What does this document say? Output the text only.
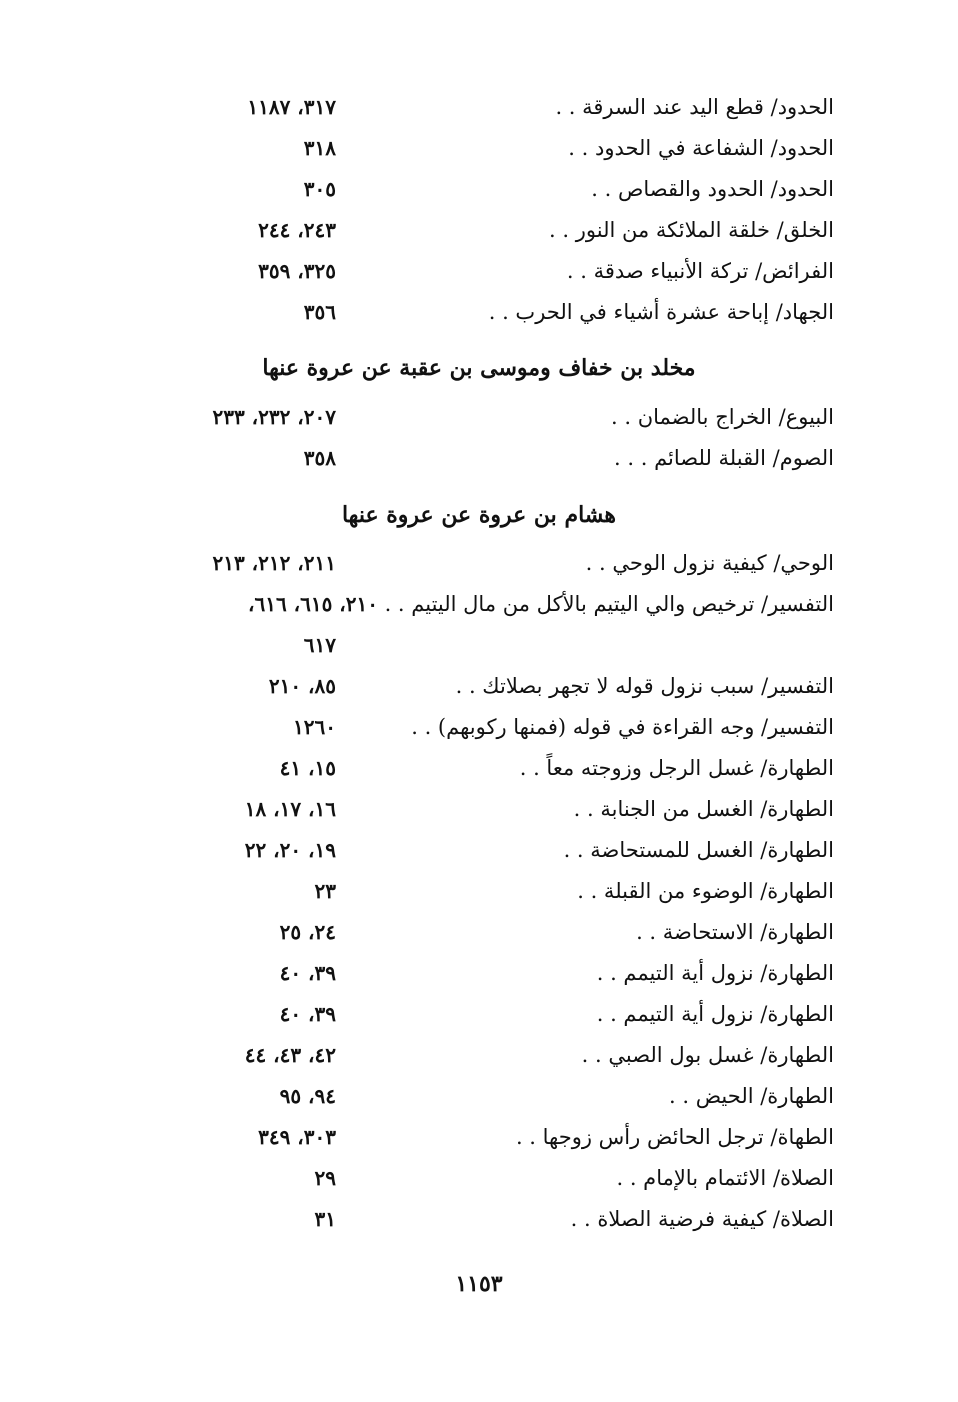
الحدود/ قطع اليد عند السرقة . .
٣١٧، ١١٨٧
الحدود/ الشفاعة في الحدود . .
٣١٨
الحدود/ الحدود والقصاص . .
٣٠٥
الخلق/ خلقة الملائكة من النور . .
٢٤٣، ٢٤٤
الفرائض/ تركة الأنبياء صدقة . .
٣٢٥، ٣٥٩
الجهاد/ إباحة عشرة أشياء في الحرب . .
٣٥٦
مخلد بن خفاف وموسى بن عقبة عن عروة عنها
البيوع/ الخراج بالضمان . .
٢٠٧، ٢٣٢، ٢٣٣
الصوم/ القبلة للصائم . . .
٣٥٨
هشام بن عروة عن عروة عنها
الوحي/ كيفية نزول الوحي . .
٢١١، ٢١٢، ٢١٣
التفسير/ ترخيص والي اليتيم بالأكل من مال اليتيم . .
٢١٠، ٦١٥، ٦١٦،
٦١٧
التفسير/ سبب نزول قوله لا تجهر بصلاتك . .
٨٥، ٢١٠
التفسير/ وجه القراءة في قوله (فمنها ركوبهم) . .
١٢٦٠
الطهارة/ غسل الرجل وزوجته معاً . .
١٥، ٤١
الطهارة/ الغسل من الجنابة . .
١٦، ١٧، ١٨
الطهارة/ الغسل للمستحاضة . .
١٩، ٢٠، ٢٢
الطهارة/ الوضوء من القبلة . .
٢٣
الطهارة/ الاستحاضة . .
٢٤، ٢٥
الطهارة/ نزول أية التيمم . .
٣٩، ٤٠
الطهارة/ نزول أية التيمم . .
٣٩، ٤٠
الطهارة/ غسل بول الصبي . .
٤٢، ٤٣، ٤٤
الطهارة/ الحيض . .
٩٤، ٩٥
الطهاة/ ترجل الحائض رأس زوجها . .
٣٠٣، ٣٤٩
الصلاة/ الائتمام بالإمام . .
٢٩
الصلاة/ كيفية فرضية الصلاة . .
٣١
١١٥٣
